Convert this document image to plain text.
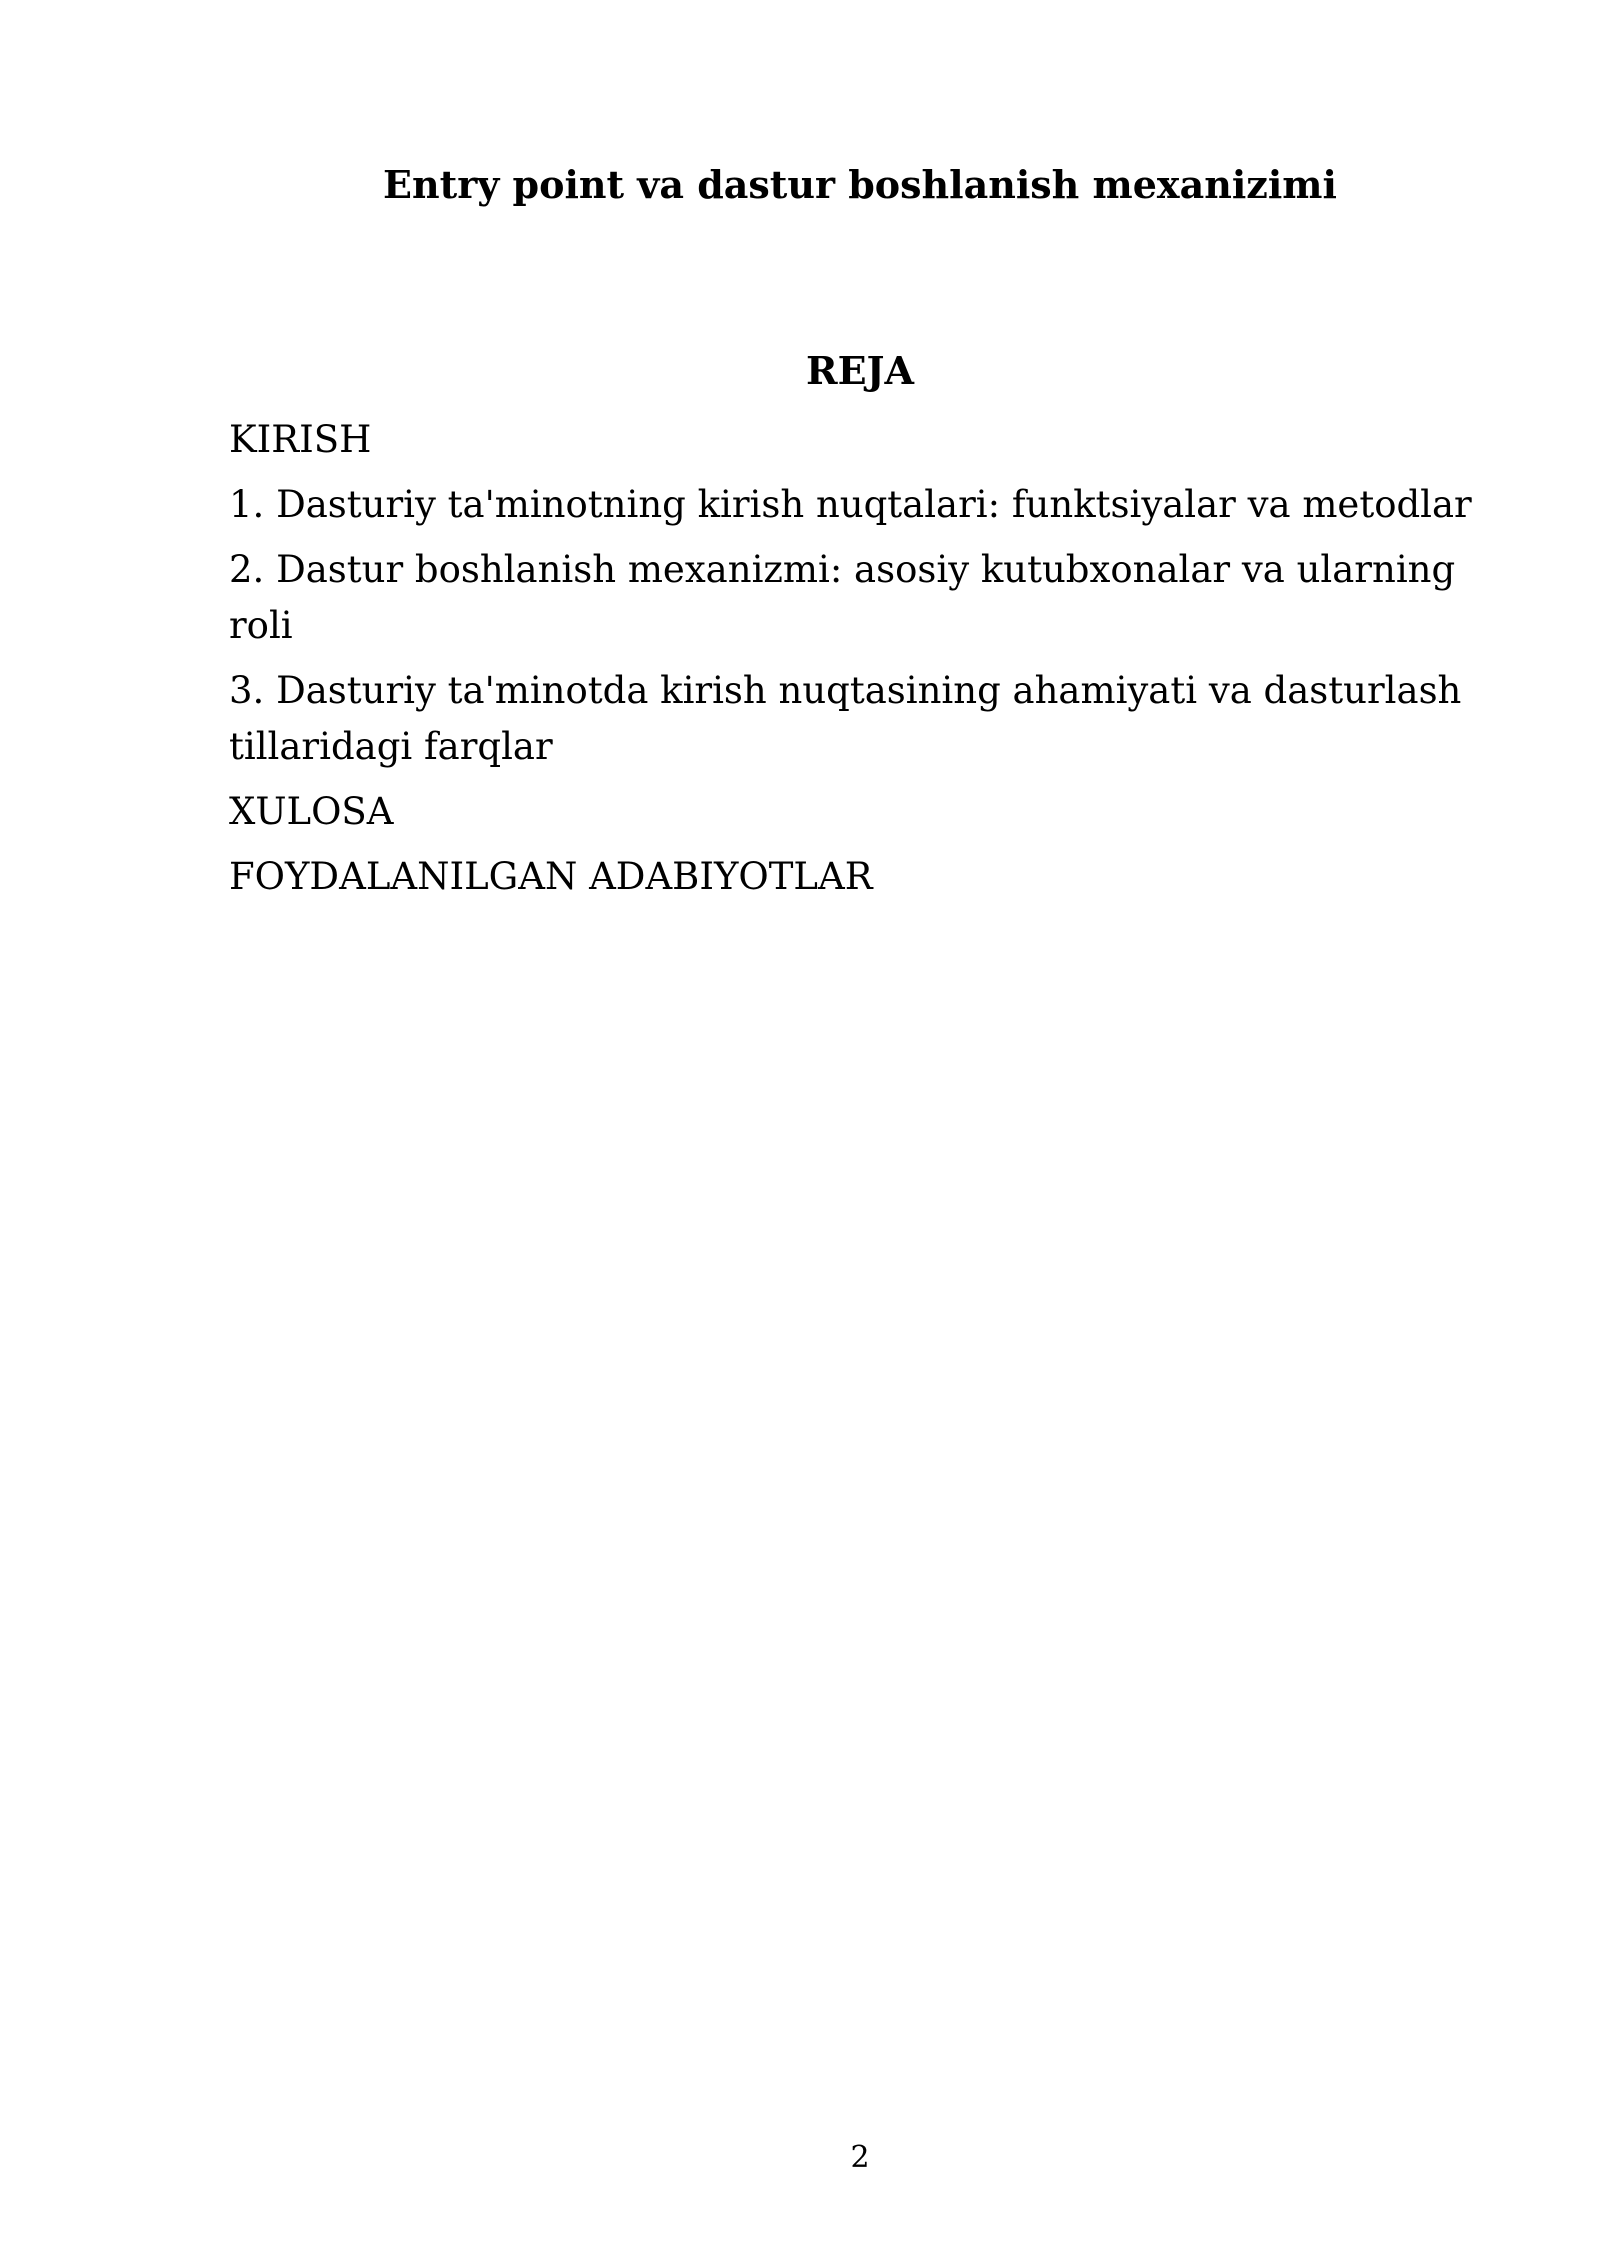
Entry point va dastur boshlanish mexanizimi
REJA
KIRISH
1. Dasturiy ta'minotning kirish nuqtalari: funktsiyalar va metodlar
2. Dastur boshlanish mexanizmi: asosiy kutubxonalar va ularning roli
3. Dasturiy ta'minotda kirish nuqtasining ahamiyati va dasturlash tillaridagi farqlar
XULOSA
FOYDALANILGAN ADABIYOTLAR
2
